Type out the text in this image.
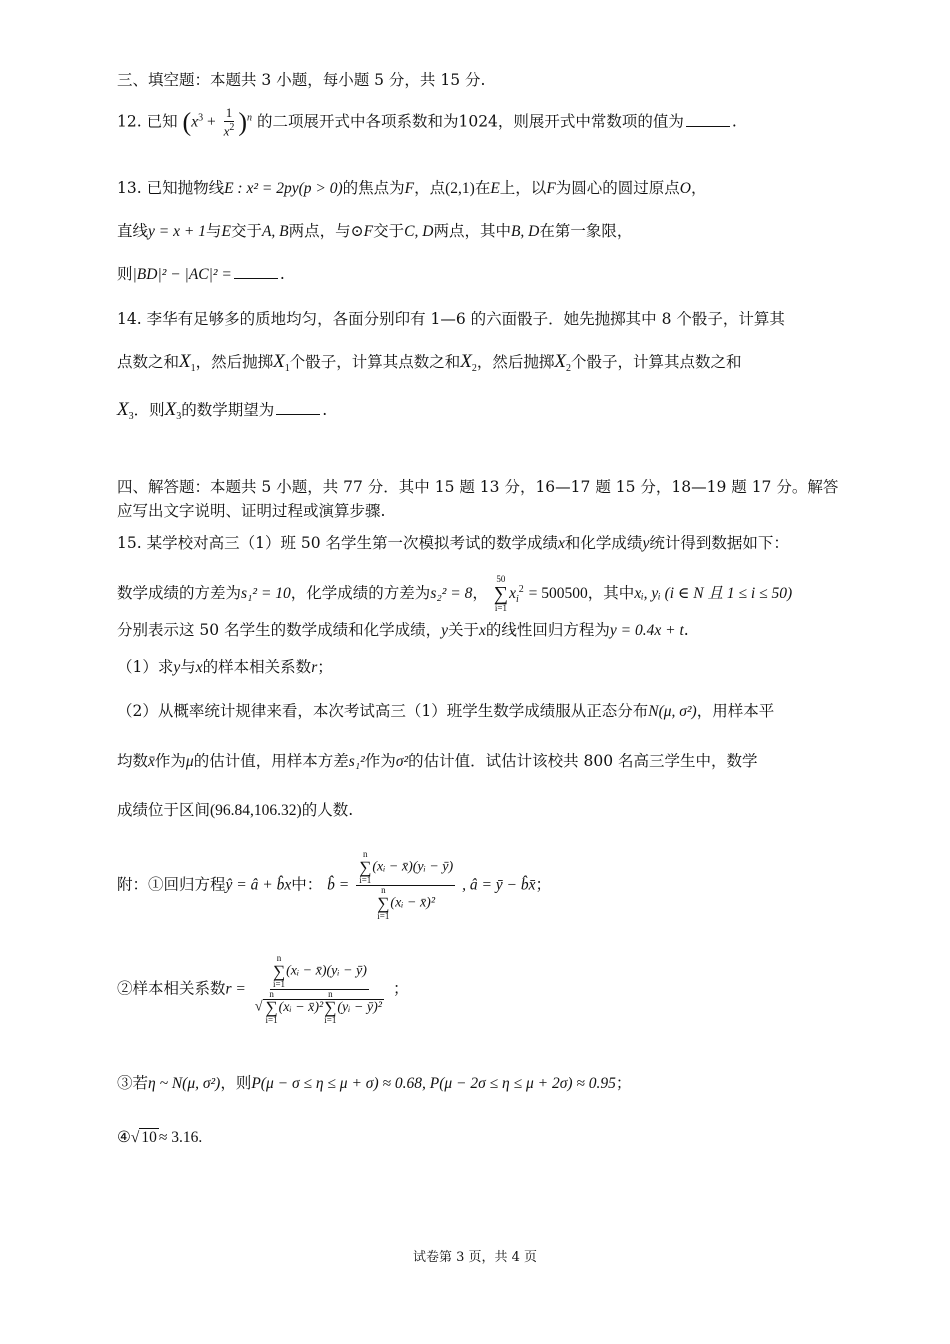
三、填空题：本题共 3 小题，每小题 5 分，共 15 分.
12. 已知 $(x^3 + \frac{1}{x^2} )^n$ 的二项展开式中各项系数和为1024，则展开式中常数项的值为	.
13. 已知抛物线E : x² = 2py(p > 0)的焦点为F，点(2,1)在E上，以F为圆心的圆过原点O，
直线y = x + 1与E交于A, B两点，与⊙F交于C, D两点，其中B, D在第一象限，
则|BD|² − |AC|² =	.
14. 李华有足够多的质地均匀，各面分别印有 1—6 的六面骰子．她先抛掷其中 8 个骰子，计算其
点数之和$X_1$，然后抛掷$X_1$个骰子，计算其点数之和$X_2$，然后抛掷$X_2$个骰子，计算其点数之和
$X_3$．则$X_3$的数学期望为	.
四、解答题：本题共 5 小题，共 77 分．其中 15 题 13 分，16—17 题 15 分，18—19 题 17 分。解答
应写出文字说明、证明过程或演算步骤.
15. 某学校对高三（1）班 50 名学生第一次模拟考试的数学成绩x和化学成绩y统计得到数据如下：
数学成绩的方差为s₁² = 10，化学成绩的方差为s₂² = 8，
50
∑
i=1
$x_i^2 = 500500$，其中xᵢ, yᵢ (i ∈ N 且 1 ≤ i ≤ 50)
分别表示这 50 名学生的数学成绩和化学成绩，y关于x的线性回归方程为y = 0.4x + t.
（1）求y与x的样本相关系数r；
（2）从概率统计规律来看，本次考试高三（1）班学生数学成绩服从正态分布N(μ, σ²)，用样本平
均数x̄作为μ的估计值，用样本方差s₁²作为σ²的估计值．试估计该校共 800 名高三学生中，数学
成绩位于区间(96.84,106.32)的人数.
附：①回归方程ŷ = â + b̂x中： b̂ = n
∑
i=1
(xᵢ − x̄)(yᵢ − ȳ)
n
∑
i=1
(xᵢ − x̄)² , â = ȳ − b̂x̄；
②样本相关系数r = n
∑
i=1
(xᵢ − x̄)(yᵢ − ȳ)
√
n
∑
i=1
(xᵢ − x̄)²
n
∑
i=1
(yᵢ − ȳ)² ；
③若η ~ N(μ, σ²)，则P(μ − σ ≤ η ≤ μ + σ) ≈ 0.68, P(μ − 2σ ≤ η ≤ μ + 2σ) ≈ 0.95；
④√ 10 ≈ 3.16.
试卷第 3 页，共 4 页
